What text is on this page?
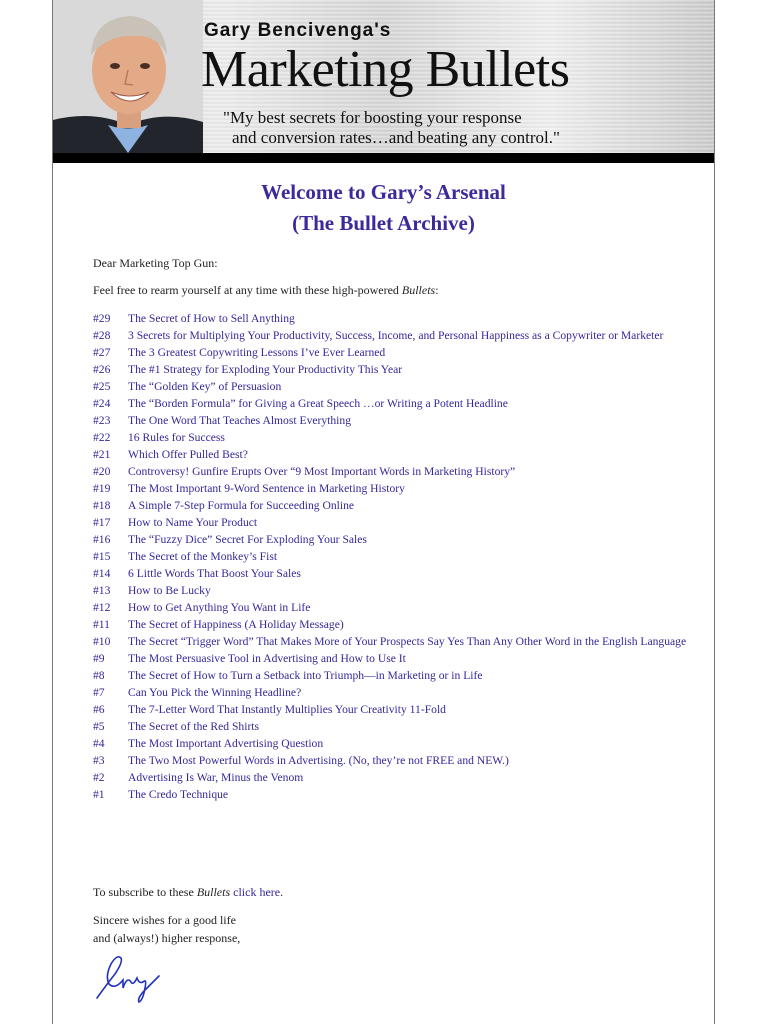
Gary Bencivenga's
Marketing Bullets
"My best secrets for boosting your response
and conversion rates…and beating any control."
Welcome to Gary’s Arsenal
(The Bullet Archive)
Dear Marketing Top Gun:
Feel free to rearm yourself at any time with these high-powered Bullets:
#29	The Secret of How to Sell Anything
#28	3 Secrets for Multiplying Your Productivity, Success, Income, and Personal Happiness as a Copywriter or Marketer
#27	The 3 Greatest Copywriting Lessons I’ve Ever Learned
#26	The #1 Strategy for Exploding Your Productivity This Year
#25	The “Golden Key” of Persuasion
#24	The “Borden Formula” for Giving a Great Speech …or Writing a Potent Headline
#23	The One Word That Teaches Almost Everything
#22	16 Rules for Success
#21	Which Offer Pulled Best?
#20	Controversy! Gunfire Erupts Over “9 Most Important Words in Marketing History”
#19	The Most Important 9-Word Sentence in Marketing History
#18	A Simple 7-Step Formula for Succeeding Online
#17	How to Name Your Product
#16	The “Fuzzy Dice” Secret For Exploding Your Sales
#15	The Secret of the Monkey’s Fist
#14	6 Little Words That Boost Your Sales
#13	How to Be Lucky
#12	How to Get Anything You Want in Life
#11	The Secret of Happiness (A Holiday Message)
#10	The Secret “Trigger Word” That Makes More of Your Prospects Say Yes Than Any Other Word in the English Language
#9	The Most Persuasive Tool in Advertising and How to Use It
#8	The Secret of How to Turn a Setback into Triumph—in Marketing or in Life
#7	Can You Pick the Winning Headline?
#6	The 7-Letter Word That Instantly Multiplies Your Creativity 11-Fold
#5	The Secret of the Red Shirts
#4	The Most Important Advertising Question
#3	The Two Most Powerful Words in Advertising. (No, they’re not FREE and NEW.)
#2	Advertising Is War, Minus the Venom
#1	The Credo Technique
To subscribe to these Bullets click here.
Sincere wishes for a good life
and (always!) higher response,
